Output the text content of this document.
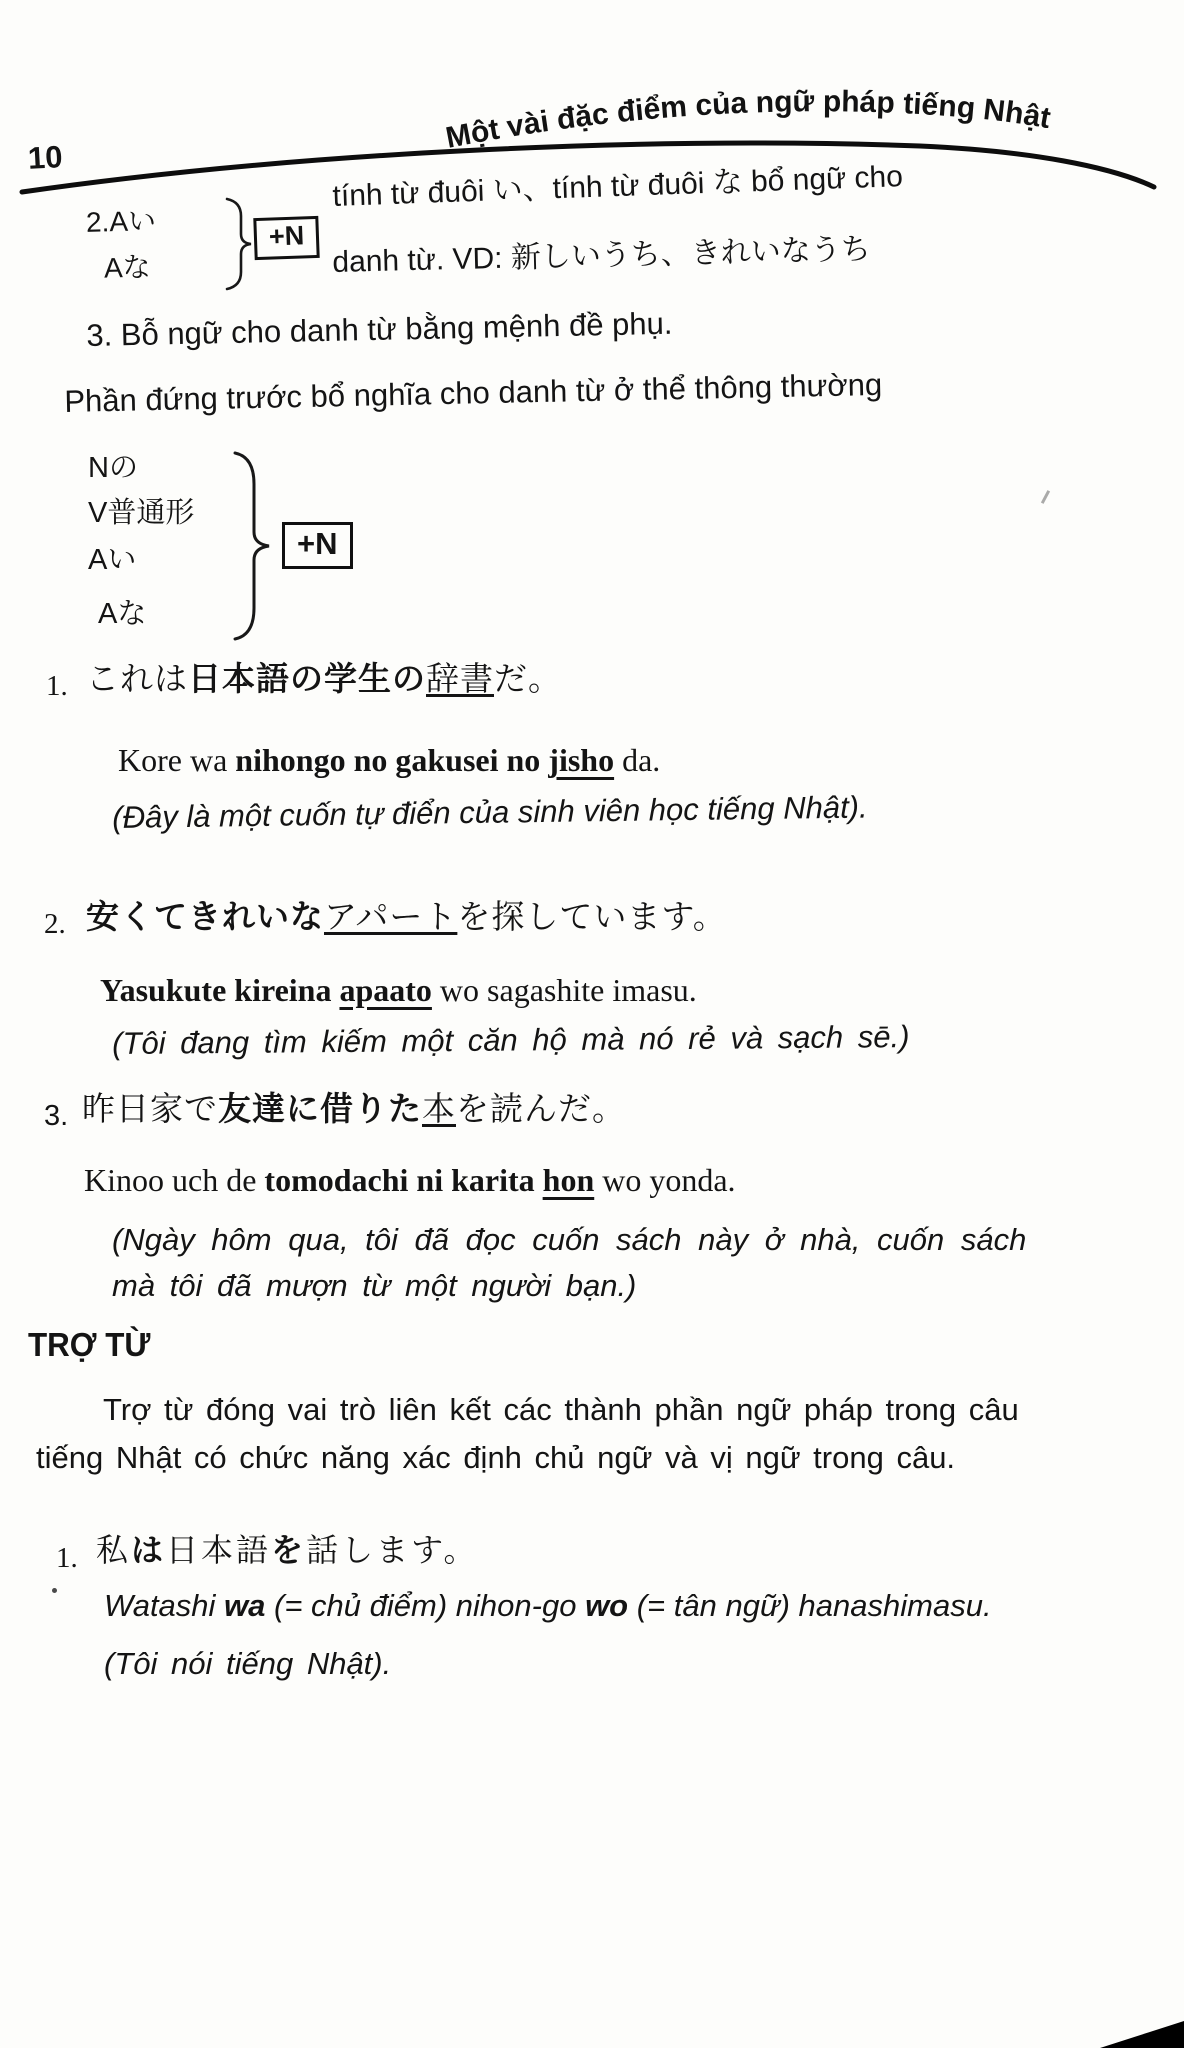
10
Một vài đặc điểm của ngữ pháp tiếng Nhật
2.Aい
Aな
+N
tính từ đuôi い、tính từ đuôi な bổ ngữ cho
danh từ. VD: 新しいうち、きれいなうち
3. Bỗ ngữ cho danh từ bằng mệnh đề phụ.
Phần đứng trước bổ nghĩa cho danh từ ở thể thông thường
Nの
V普通形
Aい
Aな
+N
1. これは日本語の学生の辞書だ。
Kore wa nihongo no gakusei no jisho da.
(Đây là một cuốn tự điển của sinh viên học tiếng Nhật).
2. 安くてきれいなアパートを探しています。
Yasukute kireina apaato wo sagashite imasu.
(Tôi đang tìm kiếm một căn hộ mà nó rẻ và sạch sē.)
3. 昨日家で友達に借りた本を読んだ。
Kinoo uch de tomodachi ni karita hon wo yonda.
(Ngày hôm qua, tôi đã đọc cuốn sách này ở nhà, cuốn sách
mà tôi đã mượn từ một người bạn.)
TRỢ TỪ
Trợ từ đóng vai trò liên kết các thành phần ngữ pháp trong câu
tiếng Nhật có chức năng xác định chủ ngữ và vị ngữ trong câu.
1. 私は日本語を話します。
Watashi wa (= chủ điểm) nihon-go wo (= tân ngữ) hanashimasu.
(Tôi nói tiếng Nhật).
